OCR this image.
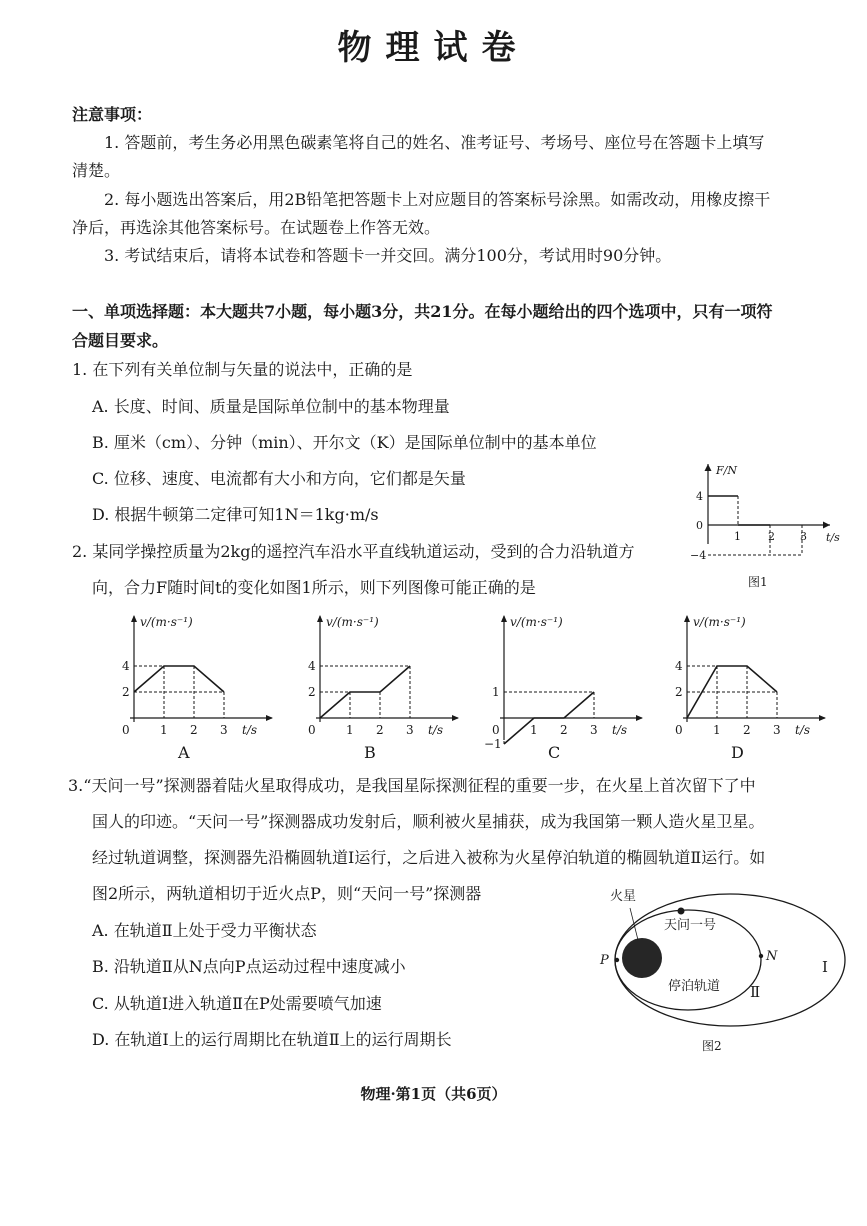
物理试卷
注意事项：
1. 答题前，考生务必用黑色碳素笔将自己的姓名、准考证号、考场号、座位号在答题卡上填写
清楚。
2. 每小题选出答案后，用2B铅笔把答题卡上对应题目的答案标号涂黑。如需改动，用橡皮擦干
净后，再选涂其他答案标号。在试题卷上作答无效。
3. 考试结束后，请将本试卷和答题卡一并交回。满分100分，考试用时90分钟。
一、单项选择题：本大题共7小题，每小题3分，共21分。在每小题给出的四个选项中，只有一项符
合题目要求。
1. 在下列有关单位制与矢量的说法中，正确的是
A. 长度、时间、质量是国际单位制中的基本物理量
B. 厘米（cm）、分钟（min）、开尔文（K）是国际单位制中的基本单位
C. 位移、速度、电流都有大小和方向，它们都是矢量
D. 根据牛顿第二定律可知1N＝1kg·m/s
2. 某同学操控质量为2kg的遥控汽车沿水平直线轨道运动，受到的合力沿轨道方
向，合力F随时间t的变化如图1所示，则下列图像可能正确的是
F/N
t/s
4
0
−4
1 2 3
图1
v/(m·s⁻¹)
t/s
0
4
2
1 2 3
A
v/(m·s⁻¹)
t/s
0
4
2
1 2 3
B
v/(m·s⁻¹)
t/s
0
1
−1
1 2 3
C
v/(m·s⁻¹)
t/s
0
4
2
1 2 3
D
3.“天问一号”探测器着陆火星取得成功，是我国星际探测征程的重要一步，在火星上首次留下了中
国人的印迹。“天问一号”探测器成功发射后，顺利被火星捕获，成为我国第一颗人造火星卫星。
经过轨道调整，探测器先沿椭圆轨道Ⅰ运行，之后进入被称为火星停泊轨道的椭圆轨道Ⅱ运行。如
图2所示，两轨道相切于近火点P，则“天问一号”探测器
A. 在轨道Ⅱ上处于受力平衡状态
B. 沿轨道Ⅱ从N点向P点运动过程中速度减小
C. 从轨道Ⅰ进入轨道Ⅱ在P处需要喷气加速
D. 在轨道Ⅰ上的运行周期比在轨道Ⅱ上的运行周期长
火星
天问一号
停泊轨道
P	N
Ⅰ
Ⅱ
图2
物理·第1页（共6页）
